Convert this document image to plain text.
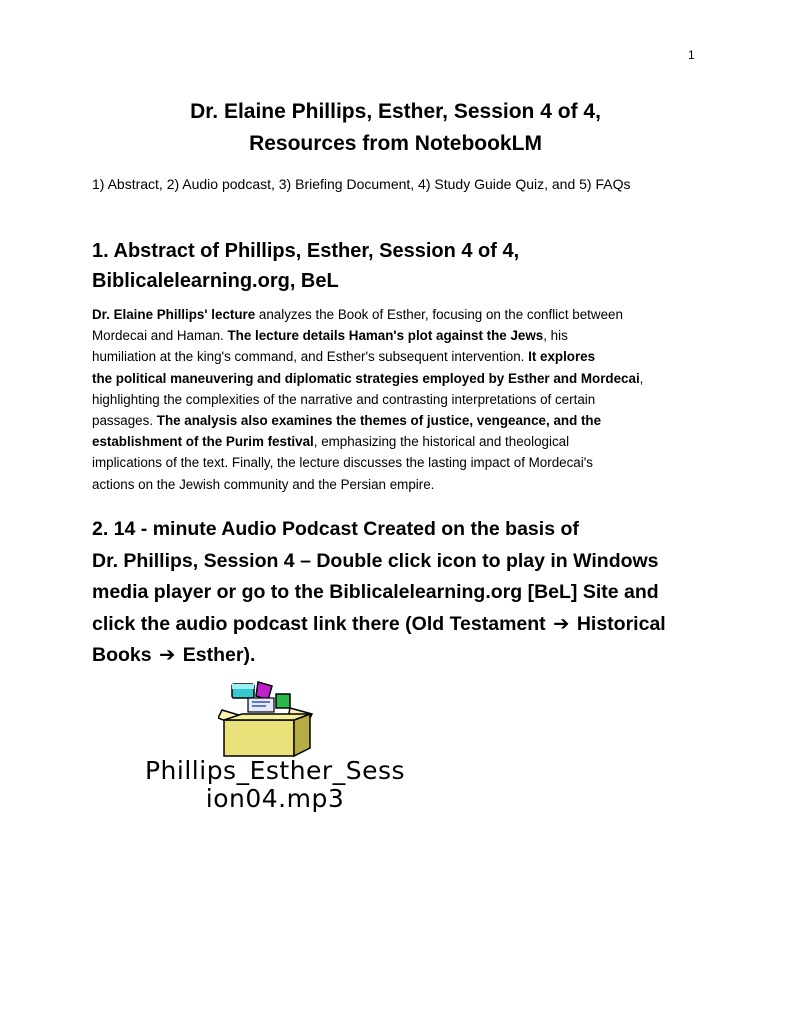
1
Dr. Elaine Phillips, Esther, Session 4 of 4,
Resources from NotebookLM
1) Abstract, 2) Audio podcast, 3) Briefing Document, 4) Study Guide Quiz, and 5) FAQs
1. Abstract of Phillips, Esther, Session 4 of 4,
Biblicalelearning.org, BeL
Dr. Elaine Phillips' lecture analyzes the Book of Esther, focusing on the conflict between
Mordecai and Haman. The lecture details Haman's plot against the Jews, his
humiliation at the king's command, and Esther's subsequent intervention. It explores
the political maneuvering and diplomatic strategies employed by Esther and Mordecai,
highlighting the complexities of the narrative and contrasting interpretations of certain
passages. The analysis also examines the themes of justice, vengeance, and the
establishment of the Purim festival, emphasizing the historical and theological
implications of the text. Finally, the lecture discusses the lasting impact of Mordecai's
actions on the Jewish community and the Persian empire.
2. 14 - minute Audio Podcast Created on the basis of
Dr. Phillips, Session 4 – Double click icon to play in Windows
media player or go to the Biblicalelearning.org [BeL] Site and
click the audio podcast link there (Old Testament ➔ Historical
Books ➔ Esther).
Phillips_Esther_Sess
ion04.mp3
